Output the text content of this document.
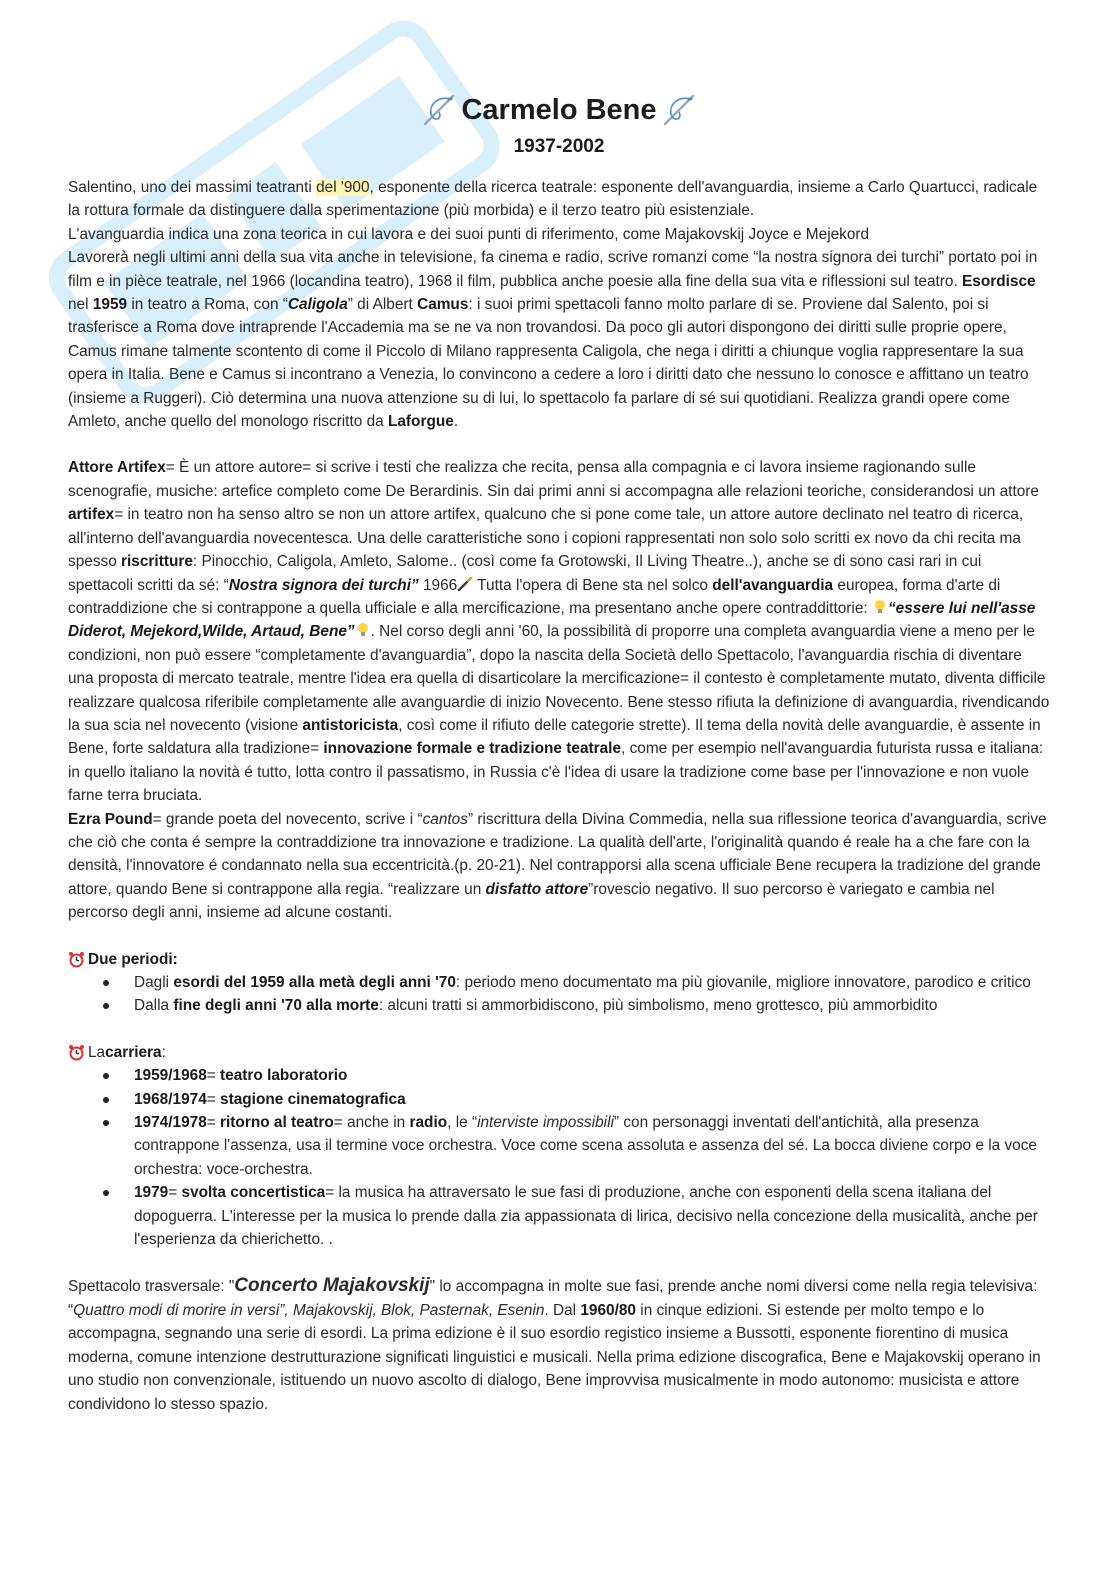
Carmelo Bene
1937-2002

Salentino, uno dei massimi teatranti del '900, esponente della ricerca teatrale: esponente dell'avanguardia, insieme a Carlo Quartucci, radicale la rottura formale da distinguere dalla sperimentazione (più morbida) e il terzo teatro più esistenziale.

L'avanguardia indica una zona teorica in cui lavora e dei suoi punti di riferimento, come Majakovskij Joyce e Mejekord

Lavorerà negli ultimi anni della sua vita anche in televisione, fa cinema e radio, scrive romanzi come “la nostra signora dei turchi” portato poi in film e in pièce teatrale, nel 1966 (locandina teatro), 1968 il film, pubblica anche poesie alla fine della sua vita e riflessioni sul teatro. Esordisce nel 1959 in teatro a Roma, con “Caligola” di Albert Camus: i suoi primi spettacoli fanno molto parlare di se. Proviene dal Salento, poi si trasferisce a Roma dove intraprende l'Accademia ma se ne va non trovandosi. Da poco gli autori dispongono dei diritti sulle proprie opere, Camus rimane talmente scontento di come il Piccolo di Milano rappresenta Caligola, che nega i diritti a chiunque voglia rappresentare la sua opera in Italia. Bene e Camus si incontrano a Venezia, lo convincono a cedere a loro i diritti dato che nessuno lo conosce e affittano un teatro (insieme a Ruggeri). Ciò determina una nuova attenzione su di lui, lo spettacolo fa parlare di sé sui quotidiani. Realizza grandi opere come Amleto, anche quello del monologo riscritto da Laforgue.

Attore Artifex= È un attore autore= si scrive i testi che realizza che recita, pensa alla compagnia e ci lavora insieme ragionando sulle scenografie, musiche: artefice completo come De Berardinis. Sin dai primi anni si accompagna alle relazioni teoriche, considerandosi un attore artifex= in teatro non ha senso altro se non un attore artifex, qualcuno che si pone come tale, un attore autore declinato nel teatro di ricerca, all'interno dell'avanguardia novecentesca. Una delle caratteristiche sono i copioni rappresentati non solo solo scritti ex novo da chi recita ma spesso riscritture: Pinocchio, Caligola, Amleto, Salome.. (così come fa Grotowski, Il Living Theatre..), anche se di sono casi rari in cui spettacoli scritti da sé: “Nostra signora dei turchi” 1966 Tutta l'opera di Bene sta nel solco dell'avanguardia europea, forma d'arte di contraddizione che si contrappone a quella ufficiale e alla mercificazione, ma presentano anche opere contraddittorie: “essere lui nell'asse Diderot, Mejekord,Wilde, Artaud, Bene” . Nel corso degli anni '60, la possibilità di proporre una completa avanguardia viene a meno per le condizioni, non può essere “completamente d'avanguardia”, dopo la nascita della Società dello Spettacolo, l'avanguardia rischia di diventare una proposta di mercato teatrale, mentre l'idea era quella di disarticolare la mercificazione= il contesto è completamente mutato, diventa difficile realizzare qualcosa riferibile completamente alle avanguardie di inizio Novecento. Bene stesso rifiuta la definizione di avanguardia, rivendicando la sua scia nel novecento (visione antistoricista, così come il rifiuto delle categorie strette). Il tema della novità delle avanguardie, è assente in Bene, forte saldatura alla tradizione= innovazione formale e tradizione teatrale, come per esempio nell'avanguardia futurista russa e italiana: in quello italiano la novità é tutto, lotta contro il passatismo, in Russia c'è l'idea di usare la tradizione come base per l'innovazione e non vuole farne terra bruciata.

Ezra Pound= grande poeta del novecento, scrive i “cantos” riscrittura della Divina Commedia, nella sua riflessione teorica d'avanguardia, scrive che ciò che conta é sempre la contraddizione tra innovazione e tradizione. La qualità dell'arte, l'originalità quando é reale ha a che fare con la densità, l'innovatore é condannato nella sua eccentricità.(p. 20-21). Nel contrapporsi alla scena ufficiale Bene recupera la tradizione del grande attore, quando Bene si contrappone alla regia. “realizzare un disfatto attore”rovescio negativo. Il suo percorso è variegato e cambia nel percorso degli anni, insieme ad alcune costanti.

Due periodi:
Dagli esordi del 1959 alla metà degli anni '70: periodo meno documentato ma più giovanile, migliore innovatore, parodico e critico
Dalla fine degli anni '70 alla morte: alcuni tratti si ammorbidiscono, più simbolismo, meno grottesco, più ammorbidito
La carriera :
1959/1968= teatro laboratorio
1968/1974= stagione cinematografica
1974/1978= ritorno al teatro= anche in radio, le “interviste impossibili” con personaggi inventati dell'antichità, alla presenza contrappone l'assenza, usa il termine voce orchestra. Voce come scena assoluta e assenza del sé. La bocca diviene corpo e la voce orchestra: voce-orchestra.
1979= svolta concertistica= la musica ha attraversato le sue fasi di produzione, anche con esponenti della scena italiana del dopoguerra. L'interesse per la musica lo prende dalla zia appassionata di lirica, decisivo nella concezione della musicalità, anche per l'esperienza da chierichetto. .

Spettacolo trasversale: "Concerto Majakovskij" lo accompagna in molte sue fasi, prende anche nomi diversi come nella regia televisiva: “Quattro modi di morire in versi”, Majakovskij, Blok, Pasternak, Esenin. Dal 1960/80 in cinque edizioni. Si estende per molto tempo e lo accompagna, segnando una serie di esordi. La prima edizione è il suo esordio registico insieme a Bussotti, esponente fiorentino di musica moderna, comune intenzione destrutturazione significati linguistici e musicali. Nella prima edizione discografica, Bene e Majakovskij operano in uno studio non convenzionale, istituendo un nuovo ascolto di dialogo, Bene improvvisa musicalmente in modo autonomo: musicista e attore condividono lo stesso spazio.
